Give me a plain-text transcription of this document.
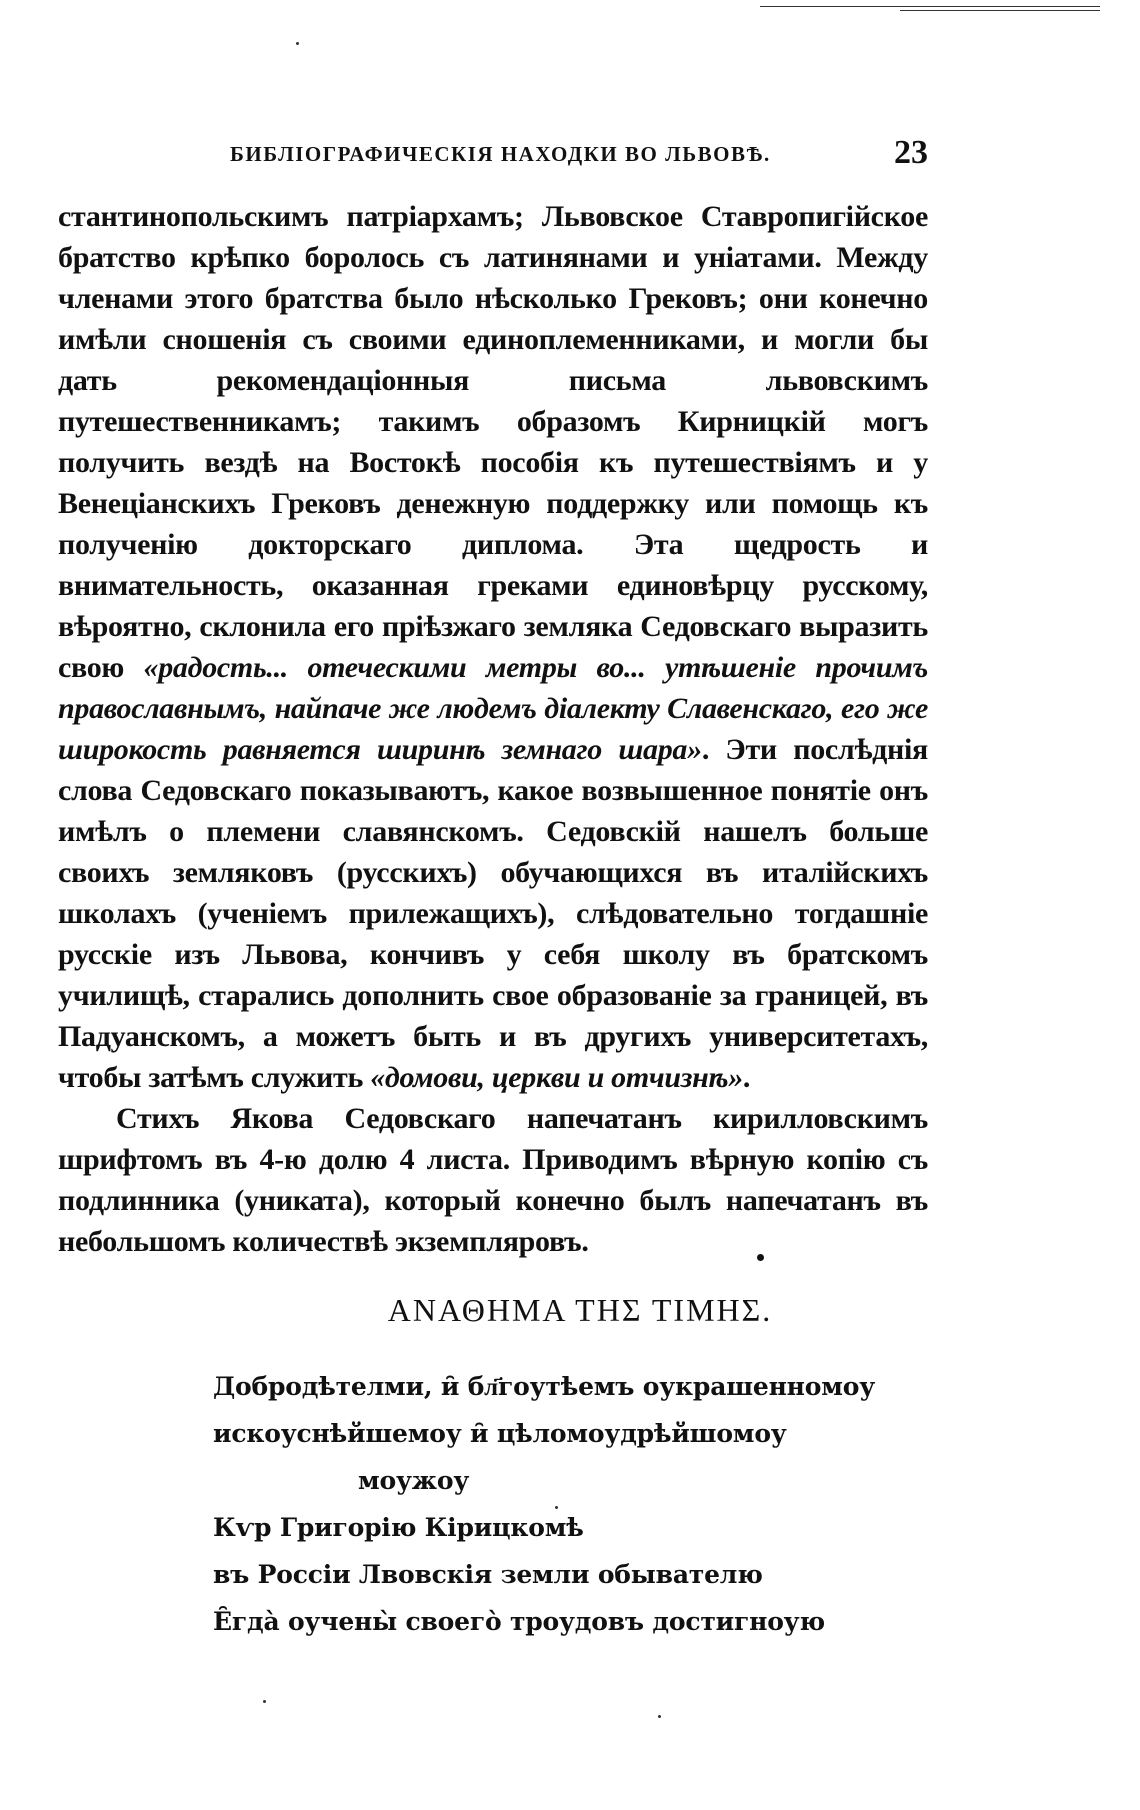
БИБЛIОГРАФИЧЕСКIЯ НАХОДКИ ВО ЛЬВОВѢ.	23

стантинопольскимъ патрiархамъ; Львовское Ставропигiйское братство крѣпко боролось съ латинянами и унiатами. Между членами этого братства было нѣсколько Грековъ; они конечно имѣли сношенiя съ своими единоплеменниками, и могли бы дать рекомендацiонныя письма львовскимъ путешественникамъ; такимъ образомъ Кирницкiй могъ получить вездѣ на Востокѣ пособiя къ путешествiямъ и у Венецiанскихъ Грековъ денежную поддержку или помощь къ полученiю докторскаго диплома. Эта щедрость и внимательность, оказанная греками единовѣрцу русскому, вѣроятно, склонила его прiѣзжаго земляка Седовскаго выразить свою «радость... отеческими метры во... утѣшенiе прочимъ православнымъ, найпаче же людемъ дiалекту Славенскаго, его же широкость равняется ширинѣ земнаго шара». Эти послѣднiя слова Седовскаго показываютъ, какое возвышенное понятiе онъ имѣлъ о племени славянскомъ. Седовскiй нашелъ больше своихъ земляковъ (русскихъ) обучающихся въ италiйскихъ школахъ (ученiемъ прилежащихъ), слѣдовательно тогдашнiе русскiе изъ Львова, кончивъ у себя школу въ братскомъ училищѣ, старались дополнить свое образованiе за границей, въ Падуанскомъ, а можетъ быть и въ другихъ университетахъ, чтобы затѣмъ служить «домови, церкви и отчизнѣ».

Стихъ Якова Седовскаго напечатанъ кирилловскимъ шрифтомъ въ 4-ю долю 4 листа. Приводимъ вѣрную копiю съ подлинника (униката), который конечно былъ напечатанъ въ небольшомъ количествѣ экземпляровъ.

ΑΝΑΘΗΜΑ ΤΗΣ ΤΙΜΗΣ.
Добродѣтелми, и̑ бл҃гоутѣемъ оукрашенномоу
искоуснѣйшемоу и̑ цѣломоудрѣйшомоу
моужоу
Кѵр Григорiю Кiрицкомѣ
въ Россiи Лвовскiя земли обывателю
Е̑гда̀ оучены̀ своего̀ троудовъ достигноую
